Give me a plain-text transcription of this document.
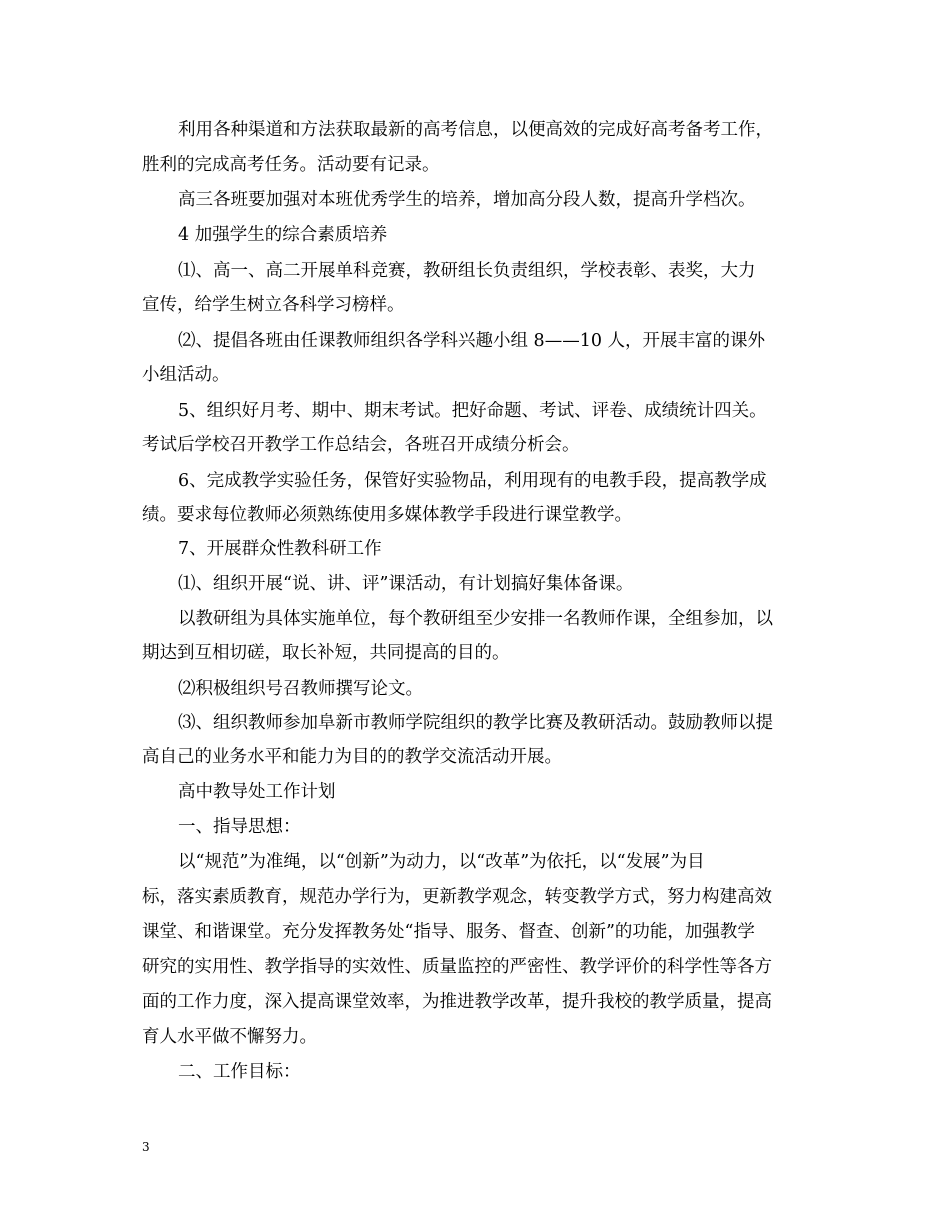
利用各种渠道和方法获取最新的高考信息，以便高效的完成好高考备考工作，

胜利的完成高考任务。活动要有记录。

高三各班要加强对本班优秀学生的培养，增加高分段人数，提高升学档次。

4 加强学生的综合素质培养

⑴、高一、高二开展单科竞赛，教研组长负责组织，学校表彰、表奖，大力

宣传，给学生树立各科学习榜样。

⑵、提倡各班由任课教师组织各学科兴趣小组 8——10 人，开展丰富的课外

小组活动。

5、组织好月考、期中、期末考试。把好命题、考试、评卷、成绩统计四关。

考试后学校召开教学工作总结会，各班召开成绩分析会。

6、完成教学实验任务，保管好实验物品，利用现有的电教手段，提高教学成

绩。要求每位教师必须熟练使用多媒体教学手段进行课堂教学。

7、开展群众性教科研工作

⑴、组织开展“说、讲、评”课活动，有计划搞好集体备课。

以教研组为具体实施单位，每个教研组至少安排一名教师作课，全组参加，以

期达到互相切磋，取长补短，共同提高的目的。

⑵积极组织号召教师撰写论文。

⑶、组织教师参加阜新市教师学院组织的教学比赛及教研活动。鼓励教师以提

高自己的业务水平和能力为目的的教学交流活动开展。

高中教导处工作计划

一、指导思想：

以“规范”为准绳，以“创新”为动力，以“改革”为依托，以“发展”为目

标，落实素质教育，规范办学行为，更新教学观念，转变教学方式，努力构建高效

课堂、和谐课堂。充分发挥教务处“指导、服务、督查、创新”的功能，加强教学

研究的实用性、教学指导的实效性、质量监控的严密性、教学评价的科学性等各方

面的工作力度，深入提高课堂效率，为推进教学改革，提升我校的教学质量，提高

育人水平做不懈努力。

二、工作目标：

3
